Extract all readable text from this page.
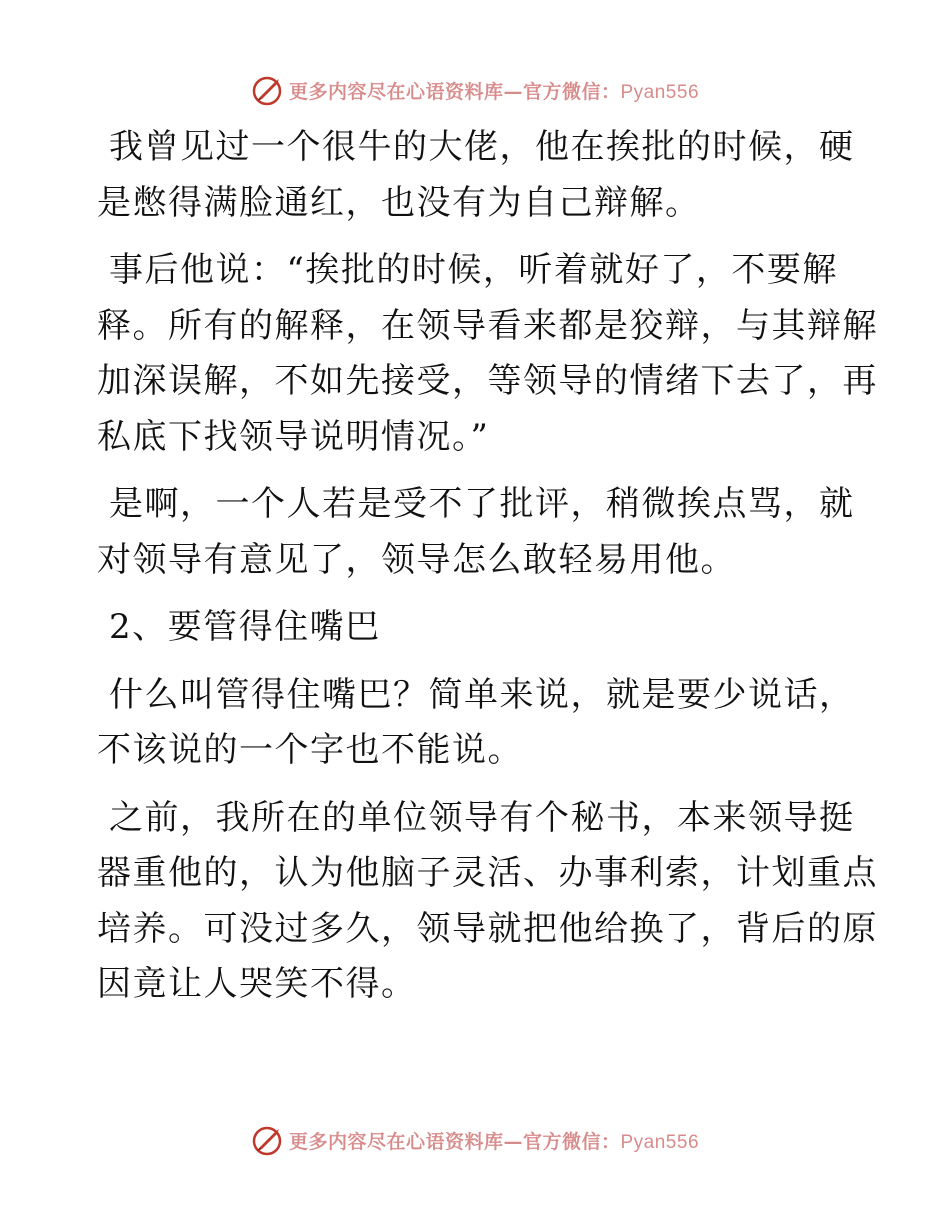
更多内容尽在心语资料库—官方微信：Pyan556

我曾见过一个很牛的大佬，他在挨批的时候，硬
是憋得满脸通红，也没有为自己辩解。

事后他说：“挨批的时候，听着就好了，不要解
释。所有的解释，在领导看来都是狡辩，与其辩解
加深误解，不如先接受，等领导的情绪下去了，再
私底下找领导说明情况。”

是啊，一个人若是受不了批评，稍微挨点骂，就
对领导有意见了，领导怎么敢轻易用他。

2、要管得住嘴巴

什么叫管得住嘴巴？简单来说，就是要少说话，
不该说的一个字也不能说。

之前，我所在的单位领导有个秘书，本来领导挺
器重他的，认为他脑子灵活、办事利索，计划重点
培养。可没过多久，领导就把他给换了，背后的原
因竟让人哭笑不得。

更多内容尽在心语资料库—官方微信：Pyan556
